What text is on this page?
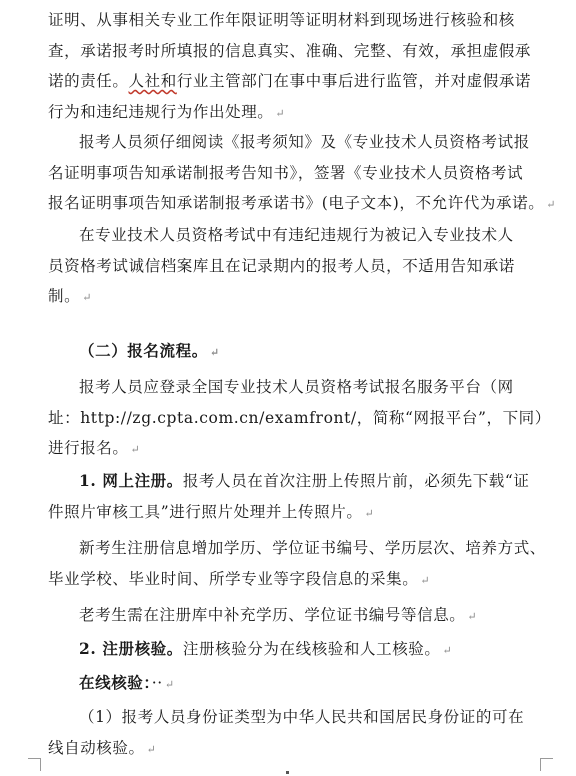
证明、从事相关专业工作年限证明等证明材料到现场进行核验和核
查，承诺报考时所填报的信息真实、准确、完整、有效，承担虚假承
诺的责任。人社和行业主管部门在事中事后进行监管，并对虚假承诺
行为和违纪违规行为作出处理。 ↵

报考人员须仔细阅读《报考须知》及《专业技术人员资格考试报
名证明事项告知承诺制报考告知书》，签署《专业技术人员资格考试
报名证明事项告知承诺制报考承诺书》(电子文本)，不允许代为承诺。 ↵

在专业技术人员资格考试中有违纪违规行为被记入专业技术人
员资格考试诚信档案库且在记录期内的报考人员，不适用告知承诺
制。 ↵

（二）报名流程。 ↵

报考人员应登录全国专业技术人员资格考试报名服务平台（网
址：http://zg.cpta.com.cn/examfront/，简称“网报平台”，下同）
进行报名。 ↵

1. 网上注册。报考人员在首次注册上传照片前，必须先下载“证
件照片审核工具”进行照片处理并上传照片。 ↵

新考生注册信息增加学历、学位证书编号、学历层次、培养方式、
毕业学校、毕业时间、所学专业等字段信息的采集。 ↵

老考生需在注册库中补充学历、学位证书编号等信息。 ↵

2. 注册核验。注册核验分为在线核验和人工核验。 ↵

在线核验：·· ↵

（1）报考人员身份证类型为中华人民共和国居民身份证的可在
线自动核验。 ↵
